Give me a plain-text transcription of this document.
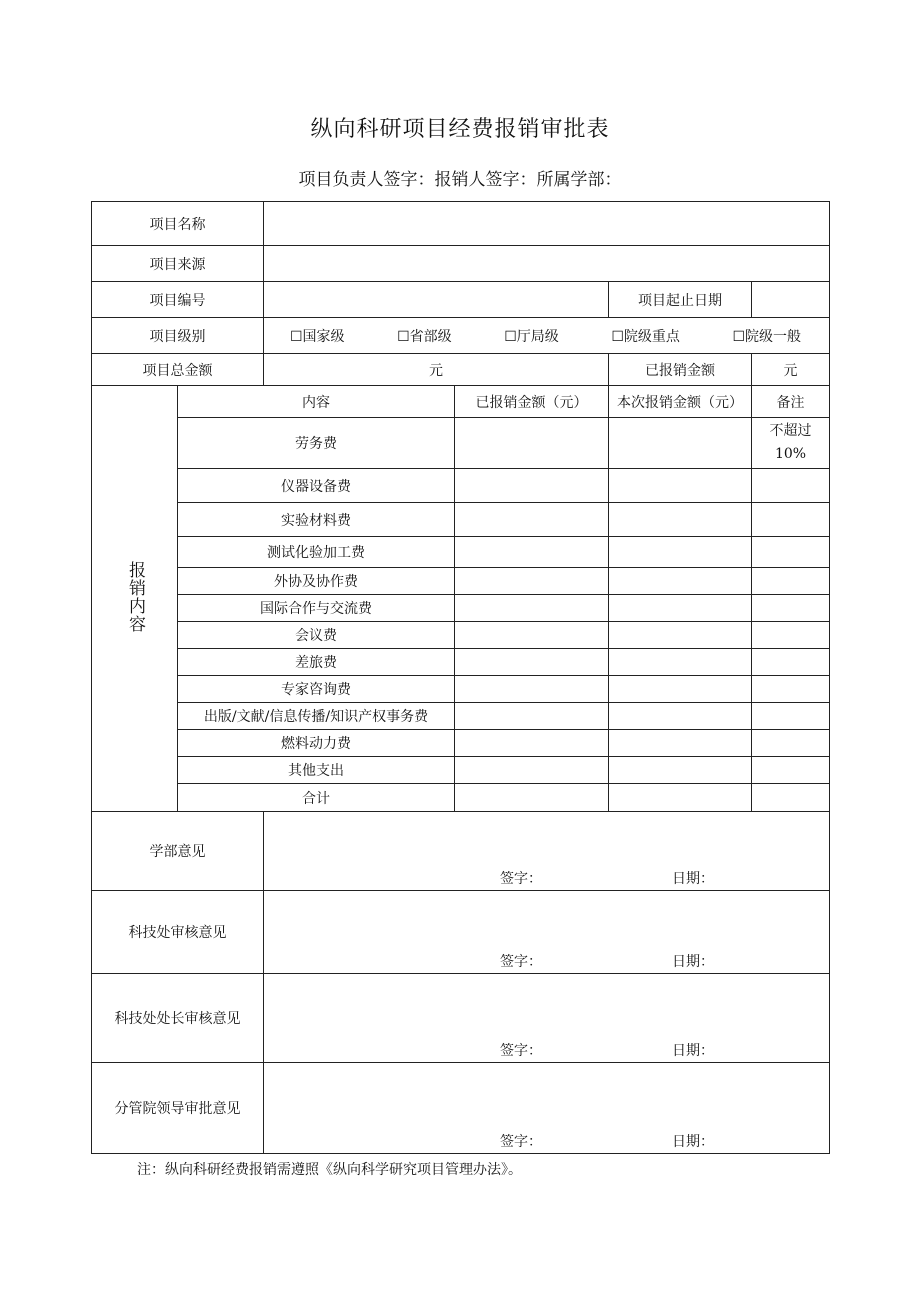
纵向科研项目经费报销审批表
项目负责人签字：报销人签字：所属学部：
项目名称					
项目来源					
项目编号				项目起止日期	
项目级别		☐国家级 ☐省部级 ☐厅局级 ☐院级重点 ☐院级一般			

项目总金额		元		已报销金额	元
报销内容	内容		已报销金额（元）	本次报销金额（元）	备注
	劳务费				不超过
10%
	仪器设备费				
	实验材料费				
	测试化验加工费				
	外协及协作费				
	国际合作与交流费				
	会议费				
	差旅费				
	专家咨询费				
	出版/文献/信息传播/知识产权事务费				
	燃料动力费				
	其他支出				
	合计				
学部意见		签字： 日期：			

科技处审核意见		签字： 日期：			

科技处处长审核意见		签字： 日期：			

分管院领导审批意见		签字： 日期：			
注：纵向科研经费报销需遵照《纵向科学研究项目管理办法》。
